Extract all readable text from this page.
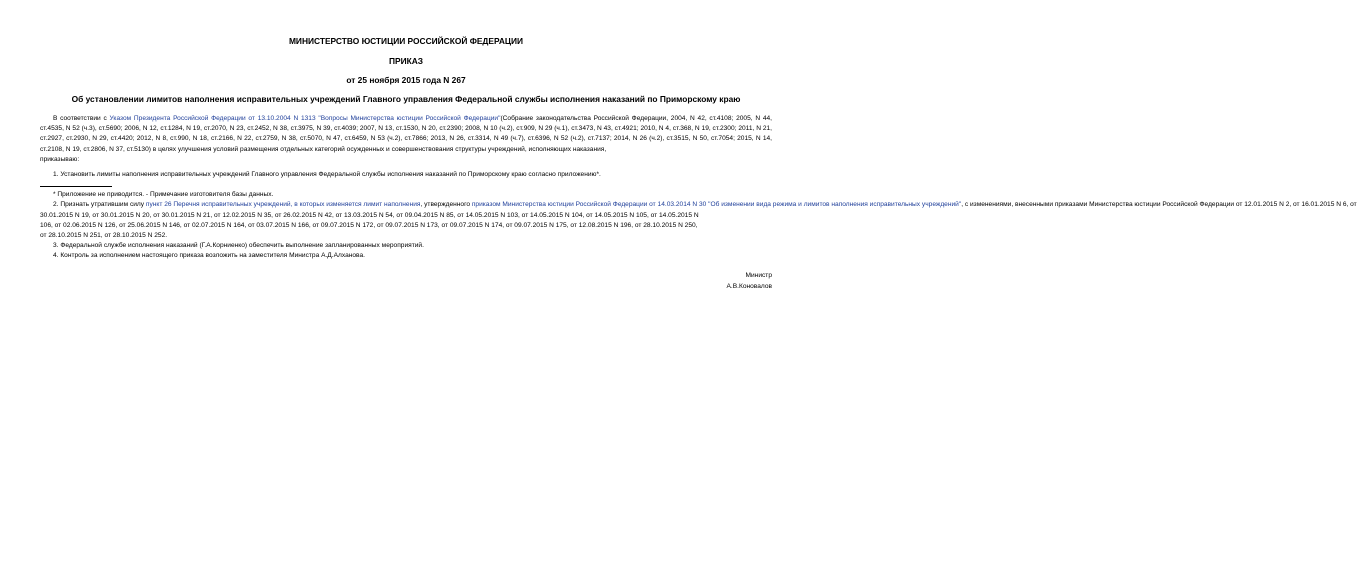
МИНИСТЕРСТВО ЮСТИЦИИ РОССИЙСКОЙ ФЕДЕРАЦИИ
ПРИКАЗ
от 25 ноября 2015 года N 267
Об установлении лимитов наполнения исправительных учреждений Главного управления Федеральной службы исполнения наказаний по Приморскому краю

В соответствии с Указом Президента Российской Федерации от 13.10.2004 N 1313 "Вопросы Министерства юстиции Российской Федерации"(Собрание законодательства Российской Федерации, 2004, N 42, ст.4108; 2005, N 44, ст.4535, N 52 (ч.3), ст.5690; 2006, N 12, ст.1284, N 19, ст.2070, N 23, ст.2452, N 38, ст.3975, N 39, ст.4039; 2007, N 13, ст.1530, N 20, ст.2390; 2008, N 10 (ч.2), ст.909, N 29 (ч.1), ст.3473, N 43, ст.4921; 2010, N 4, ст.368, N 19, ст.2300; 2011, N 21, ст.2927, ст.2930, N 29, ст.4420; 2012, N 8, ст.990, N 18, ст.2166, N 22, ст.2759, N 38, ст.5070, N 47, ст.6459, N 53 (ч.2), ст.7866; 2013, N 26, ст.3314, N 49 (ч.7), ст.6396, N 52 (ч.2), ст.7137; 2014, N 26 (ч.2), ст.3515, N 50, ст.7054; 2015, N 14, ст.2108, N 19, ст.2806, N 37, ст.5130) в целях улучшения условий размещения отдельных категорий осужденных и совершенствования структуры учреждений, исполняющих наказания,

приказываю:

1. Установить лимиты наполнения исправительных учреждений Главного управления Федеральной службы исполнения наказаний по Приморскому краю согласно приложению*.

* Приложение не приводится. - Примечание изготовителя базы данных.

2. Признать утратившим силу пункт 26 Перечня исправительных учреждений, в которых изменяется лимит наполнения, утвержденного приказом Министерства юстиции Российской Федерации от 14.03.2014 N 30 "Об изменении вида режима и лимитов наполнения исправительных учреждений", с изменениями, внесенными приказами Министерства юстиции Российской Федерации от 12.01.2015 N 2, от 16.01.2015 N 6, от

30.01.2015 N 19, от 30.01.2015 N 20, от 30.01.2015 N 21, от 12.02.2015 N 35, от 26.02.2015 N 42, от 13.03.2015 N 54, от 09.04.2015 N 85, от 14.05.2015 N 103, от 14.05.2015 N 104, от 14.05.2015 N 105, от 14.05.2015 N

106, от 02.06.2015 N 126, от 25.06.2015 N 146, от 02.07.2015 N 164, от 03.07.2015 N 166, от 09.07.2015 N 172, от 09.07.2015 N 173, от 09.07.2015 N 174, от 09.07.2015 N 175, от 12.08.2015 N 196, от 28.10.2015 N 250,

от 28.10.2015 N 251, от 28.10.2015 N 252.

3. Федеральной службе исполнения наказаний (Г.А.Корниенко) обеспечить выполнение запланированных мероприятий.

4. Контроль за исполнением настоящего приказа возложить на заместителя Министра А.Д.Алханова.

Министр

А.В.Коновалов
